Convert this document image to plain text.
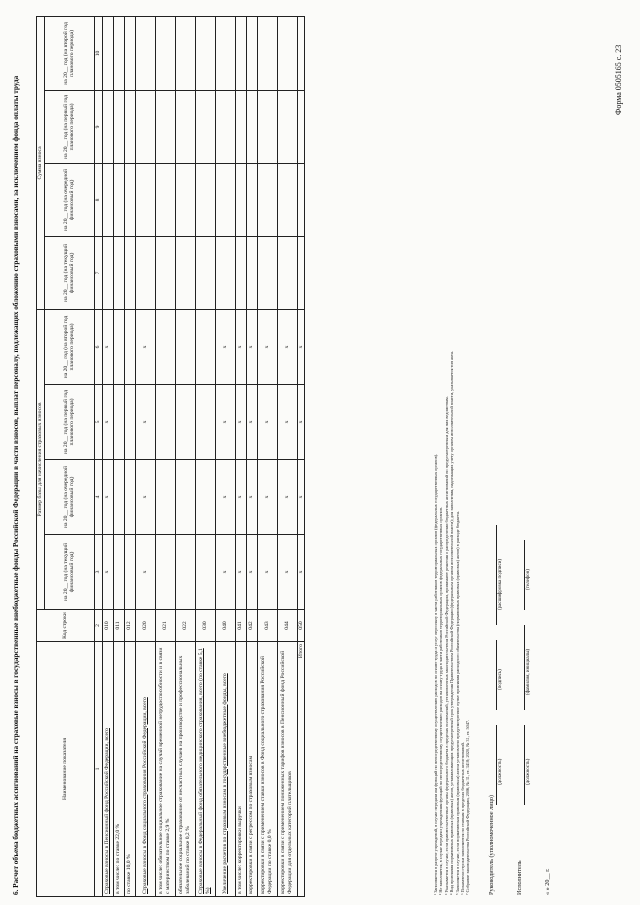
Форма 0505165 с. 23
6. Расчет объема бюджетных ассигнований на страховые взносы в государственные внебюджетные фонды Российской Федерации в части взносов, выплат персоналу, подлежащих обложению страховыми взносами, за исключением фонда оплаты труда	Наименование показателя	Код строки	Размер базы для начисления страховых взносов				Сумма взноса			
		на 20__ год (на текущий финансовый год)	на 20__ год (на очередной финансовый год)	на 20__ год (на первый год планового периода)	на 20__ год (на второй год планового периода)	на 20__ год (на текущий финансовый год)	на 20__ год (на очередной финансовый год)	на 20__ год (на первый год планового периода)	на 20__ год (на второй год планового периода)
1	2	3	4	5	6	7	8	9	10
Страховые взносы в Пенсионный фонд Российской Федерации, всего	010	x	x	x	x				
в том числе: по ставке 22,0 %	011								
по ставке 10,0 %	012								
Страховые взносы в Фонд социального страхования Российской Федерации, всего	020	x	x	x	x				
в том числе: обязательное социальное страхование на случай временной нетрудоспособности и в связи с материнством по ставке 2,9 %	021								
обязательное социальное страхование от несчастных случаев на производстве и профессиональных заболеваний по ставке 0,2 %	022								
Страховые взносы в Федеральный фонд обязательного медицинского страхования, всего (по ставке 5,1 %)	030								
Увеличение расчетов по страховым взносам в государственные внебюджетные фонды, всего	040	x	x	x	x				
в том числе: корректировки выручки	041	x	x	x	x				
корректировки в связи с регрессом по страховым взносам	042	x	x	x	x				
корректировки в связи с применением ставки взносов в Фонд социального страхования Российской Федерации по ставке 0,0 %	043	x	x	x	x				
корректировки в связи с применением пониженных тарифов взносов в Пенсионный фонд Российской Федерации для отдельных категорий плательщиков	044	x	x	x	x				
Итого	050	x	x	x	x				
¹ Заполняется в разрезе учреждений, в случае передачи им функций по непосредственному осуществлению расходов по оплате труда и услуг персоналу в части работников территориальных органов (федеральных государственных органов). ² Не заполняется, в случае передачи учреждениям функций по непосредственному осуществлению расходов на оплату труда в части работников территориальных органов федеральных государственных органов. ³ Указывается в случае, если правительственные органы федерального бюджета в пределах полномочий, установленных законодательством Российской Федерации, принимают решения о распределении бюджетных ассигнований по предусмотренным для них ведомствам. ⁴ Вид признания нормативных правовых (правовых) актов, устанавливающих предусмотренный срок утверждения Правительством Российской Федерации (федеральным органом исполнительной власти); для заполнения, надлежащих учету органом исполнительной власти, указывается тип акта. ⁵ Заполняется в случае, если нормативным правовым (правовым) актом установлено предусмотренное пункт признания расходного обязательства (нормативных правовых (правовых) актов) в расходе бюджета. ⁶ Показатели строки заполняются по ставкам в пределах бюджетных ассигнований. ⁷ Собрание законодательства Российской Федерации, 2006, № 31, ст. 3418; 2020, № 31, ст. 5047.	Руководитель (уполномоченное лицо)
(должность)
(подпись)
(расшифровка подписи)
Исполнитель
(должность)
(фамилия, инициалы)
(телефон)
« » 20__ г.
